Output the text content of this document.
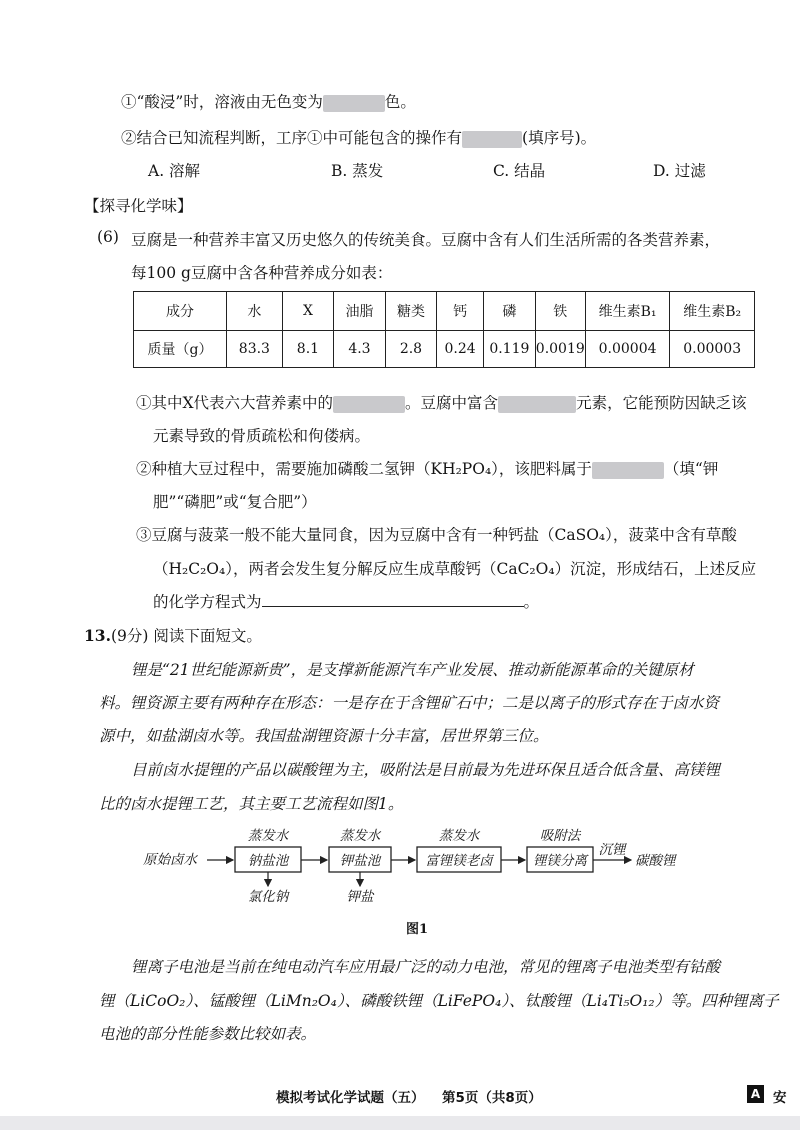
①“酸浸”时，溶液由无色变为	色。
②结合已知流程判断，工序①中可能包含的操作有	(填序号)。
A. 溶解	B. 蒸发	C. 结晶	D. 过滤
【探寻化学味】
(6) 豆腐是一种营养丰富又历史悠久的传统美食。豆腐中含有人们生活所需的各类营养素，
每100 g豆腐中含各种营养成分如表：
成分	水	X	油脂	糖类	钙	磷	铁	维生素B₁	维生素B₂
质量（g）	83.3	8.1	4.3	2.8	0.24	0.119	0.0019	0.00004	0.00003
①其中X代表六大营养素中的	。豆腐中富含	元素，它能预防因缺乏该
元素导致的骨质疏松和佝偻病。
②种植大豆过程中，需要施加磷酸二氢钾（KH₂PO₄），该肥料属于	（填“钾
肥”“磷肥”或“复合肥”）
③豆腐与菠菜一般不能大量同食，因为豆腐中含有一种钙盐（CaSO₄），菠菜中含有草酸
（H₂C₂O₄），两者会发生复分解反应生成草酸钙（CaC₂O₄）沉淀，形成结石，上述反应
的化学方程式为	。
13.(9分) 阅读下面短文。
锂是“21世纪能源新贵”，是支撑新能源汽车产业发展、推动新能源革命的关键原材
料。锂资源主要有两种存在形态：一是存在于含锂矿石中；二是以离子的形式存在于卤水资
源中，如盐湖卤水等。我国盐湖锂资源十分丰富，居世界第三位。
目前卤水提锂的产品以碳酸锂为主，吸附法是目前最为先进环保且适合低含量、高镁锂
比的卤水提锂工艺，其主要工艺流程如图1。
原始卤水	钠盐池
蒸发水
氯化钠
钾盐池
蒸发水
钾盐
富锂镁老卤
蒸发水
锂镁分离
吸附法
沉锂
碳酸锂
图1
锂离子电池是当前在纯电动汽车应用最广泛的动力电池，常见的锂离子电池类型有钴酸
锂（LiCoO₂）、锰酸锂（LiMn₂O₄）、磷酸铁锂（LiFePO₄）、钛酸锂（Li₄Ti₅O₁₂）等。四种锂离子
电池的部分性能参数比较如表。
模拟考试化学试题（五） 第5页（共8页）	A 安
